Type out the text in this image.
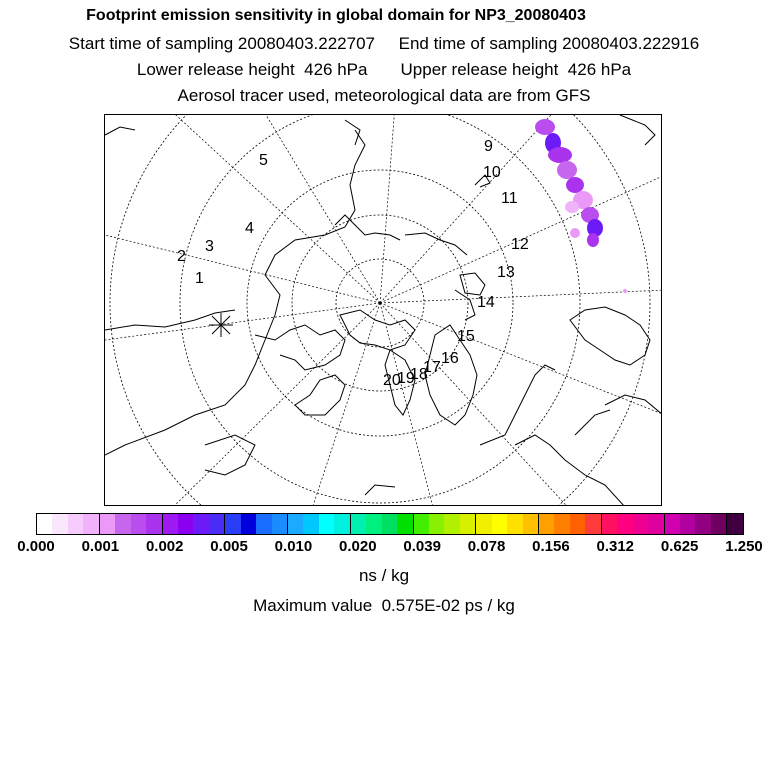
Footprint emission sensitivity in global domain for NP3_20080403
Start time of sampling 20080403.222707     End time of sampling 20080403.222916
Lower release height  426 hPa       Upper release height  426 hPa
Aerosol tracer used, meteorological data are from GFS
1
2
3
4
5
9
10
11
12
13
14
15
16
17
18
19
20
0.000 0.001 0.002 0.005 0.010 0.020 0.039 0.078 0.156 0.312 0.625 1.250
ns / kg
Maximum value  0.575E-02 ps / kg
